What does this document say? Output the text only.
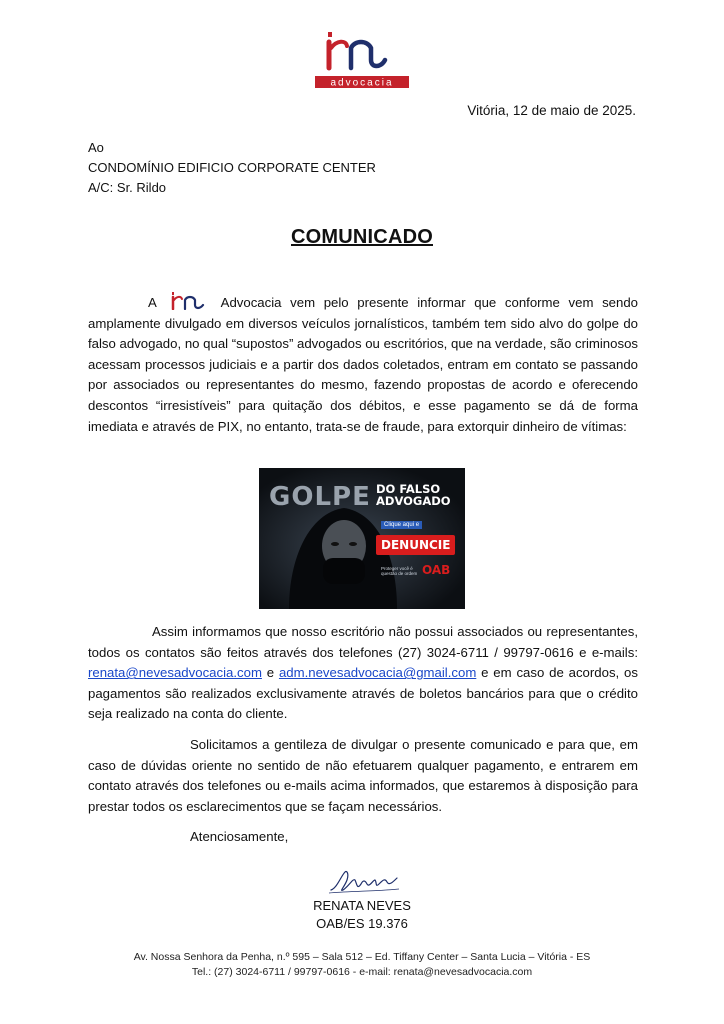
advocacia
Vitória, 12 de maio de 2025.
Ao
CONDOMÍNIO EDIFICIO CORPORATE CENTER
A/C: Sr. Rildo
COMUNICADO
A	Advocacia vem pelo presente informar que conforme vem sendo amplamente divulgado em diversos veículos jornalísticos, também tem sido alvo do golpe do falso advogado, no qual “supostos” advogados ou escritórios, que na verdade, são criminosos acessam processos judiciais e a partir dos dados coletados, entram em contato se passando por associados ou representantes do mesmo, fazendo propostas de acordo e oferecendo descontos “irresistíveis” para quitação dos débitos, e esse pagamento se dá de forma imediata e através de PIX, no entanto, trata-se de fraude, para extorquir dinheiro de vítimas:
GOLPE DO FALSO ADVOGADO
Clique aqui e
DENUNCIE
Proteger você é questão de ordem OAB
Assim informamos que nosso escritório não possui associados ou representantes, todos os contatos são feitos através dos telefones (27) 3024-6711 / 99797-0616 e e-mails: renata@nevesadvocacia.com e adm.nevesadvocacia@gmail.com e em caso de acordos, os pagamentos são realizados exclusivamente através de boletos bancários para que o crédito seja realizado na conta do cliente.
Solicitamos a gentileza de divulgar o presente comunicado e para que, em caso de dúvidas oriente no sentido de não efetuarem qualquer pagamento, e entrarem em contato através dos telefones ou e-mails acima informados, que estaremos à disposição para prestar todos os esclarecimentos que se façam necessários.
Atenciosamente,
RENATA NEVES
OAB/ES 19.376
Av. Nossa Senhora da Penha, n.º 595 – Sala 512 – Ed. Tiffany Center – Santa Lucia – Vitória - ES
Tel.: (27) 3024-6711 / 99797-0616 - e-mail: renata@nevesadvocacia.com
